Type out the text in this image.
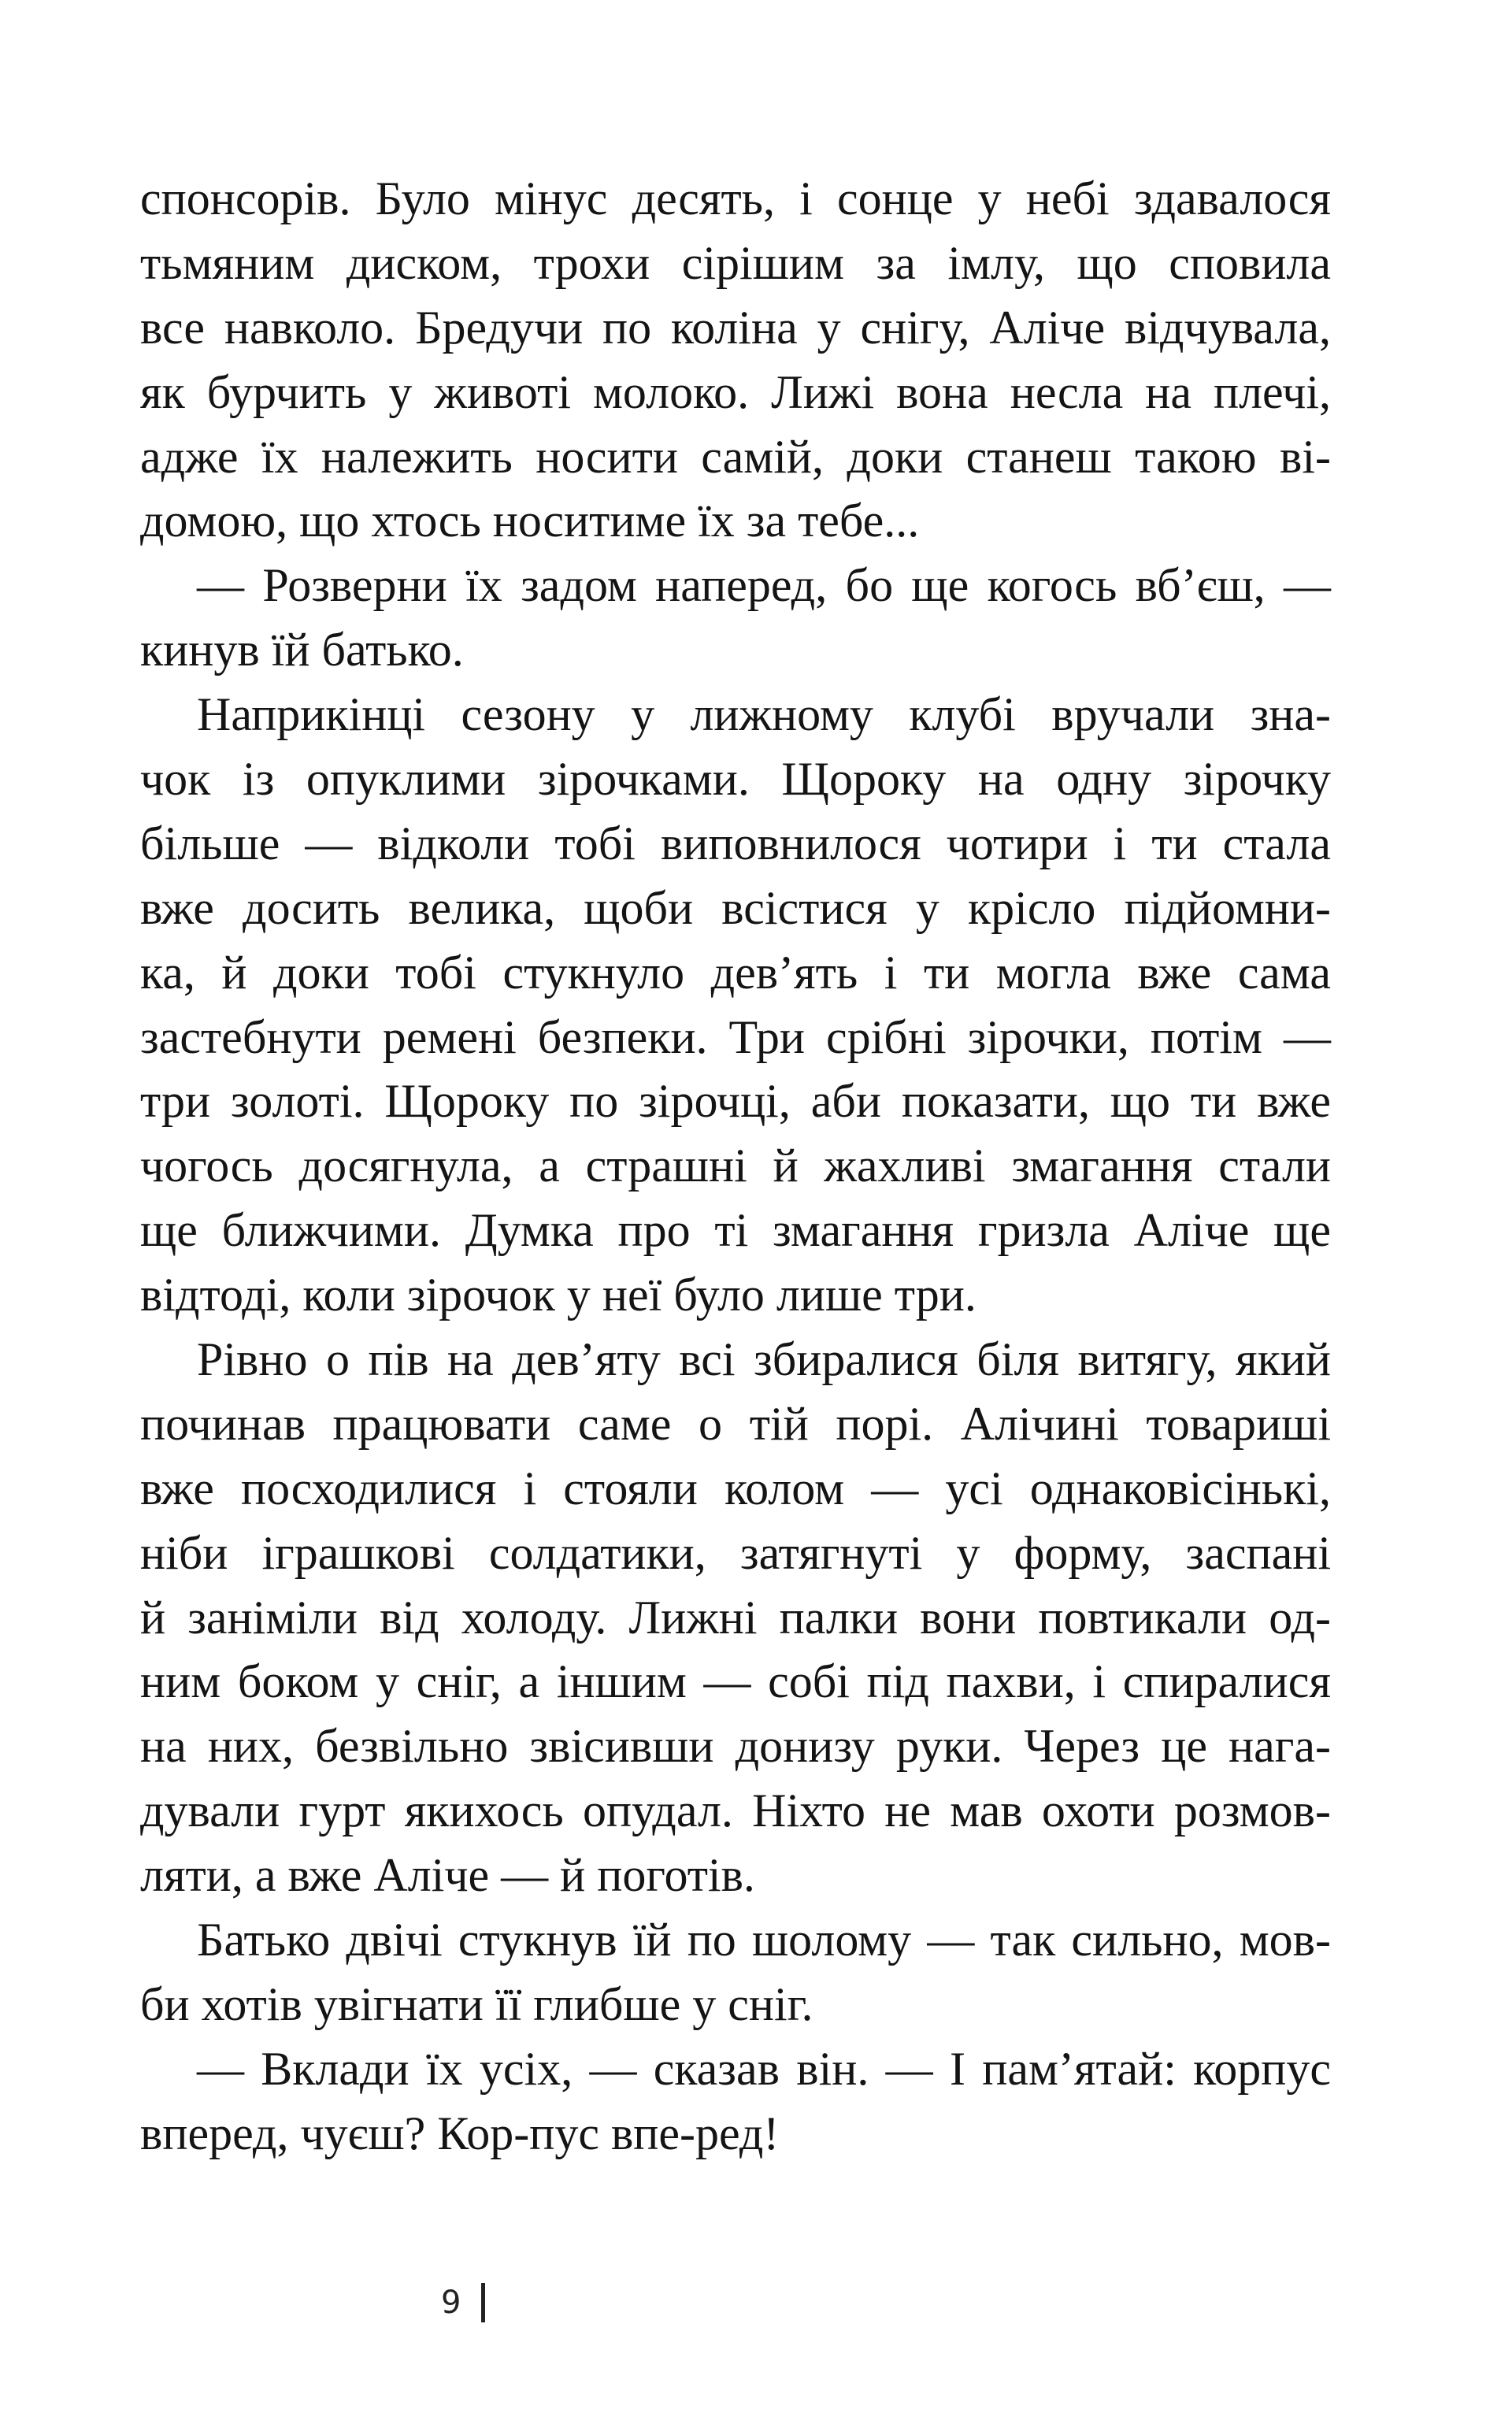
спонсорів. Було мінус десять, і сонце у небі здавалося
тьмяним диском, трохи сірішим за імлу, що сповила
все навколо. Бредучи по коліна у снігу, Аліче відчувала,
як бурчить у животі молоко. Лижі вона несла на плечі,
адже їх належить носити самій, доки станеш такою ві-
домою, що хтось носитиме їх за тебе...
— Розверни їх задом наперед, бо ще когось вб’єш, —
кинув їй батько.
Наприкінці сезону у лижному клубі вручали зна-
чок із опуклими зірочками. Щороку на одну зірочку
більше — відколи тобі виповнилося чотири і ти стала
вже досить велика, щоби всістися у крісло підйомни-
ка, й доки тобі стукнуло дев’ять і ти могла вже сама
застебнути ремені безпеки. Три срібні зірочки, потім —
три золоті. Щороку по зірочці, аби показати, що ти вже
чогось досягнула, а страшні й жахливі змагання стали
ще ближчими. Думка про ті змагання гризла Аліче ще
відтоді, коли зірочок у неї було лише три.
Рівно о пів на дев’яту всі збиралися біля витягу, який
починав працювати саме о тій порі. Алічині товариші
вже посходилися і стояли колом — усі однаковісінькі,
ніби іграшкові солдатики, затягнуті у форму, заспані
й заніміли від холоду. Лижні палки вони повтикали од-
ним боком у сніг, а іншим — собі під пахви, і спиралися
на них, безвільно звісивши донизу руки. Через це нага-
дували гурт якихось опудал. Ніхто не мав охоти розмов-
ляти, а вже Аліче — й поготів.
Батько двічі стукнув їй по шолому — так сильно, мов-
би хотів увігнати її глибше у сніг.
— Вклади їх усіх, — сказав він. — І пам’ятай: корпус
вперед, чуєш? Кор-пус впе-ред!
9
